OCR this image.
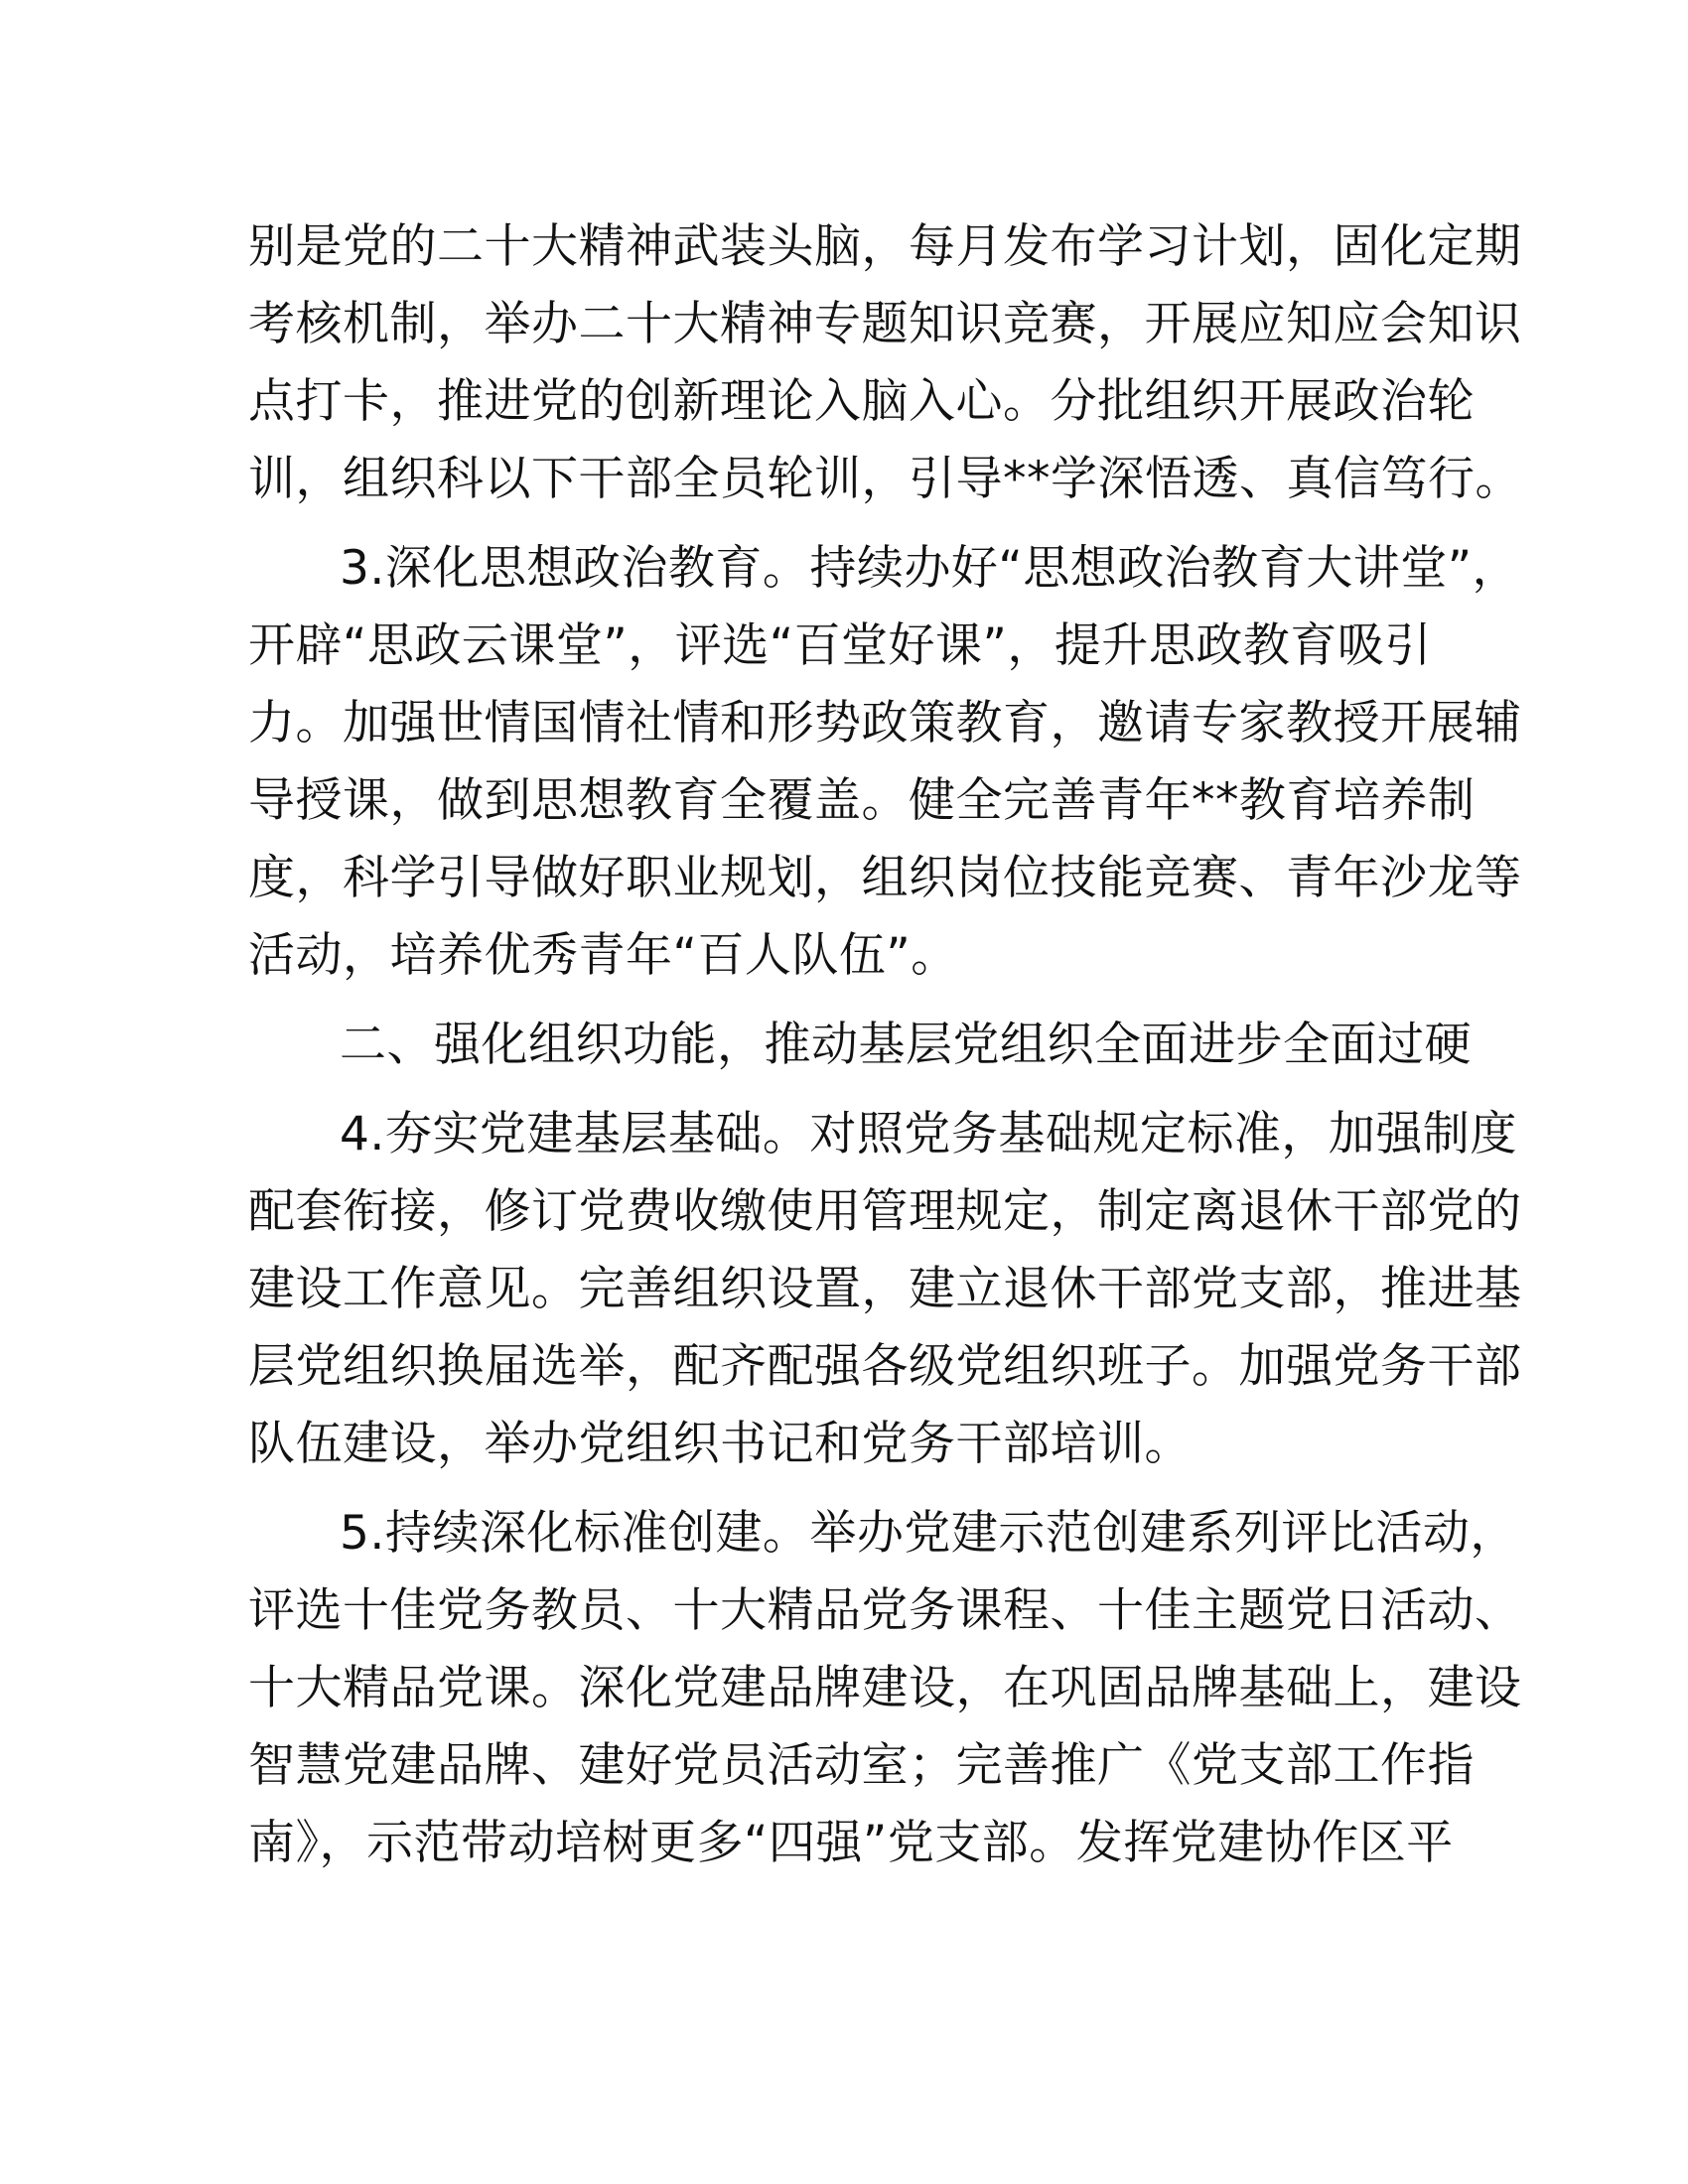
别是党的二十大精神武装头脑，每月发布学习计划，固化定期
考核机制，举办二十大精神专题知识竞赛，开展应知应会知识
点打卡，推进党的创新理论入脑入心。分批组织开展政治轮
训，组织科以下干部全员轮训，引导**学深悟透、真信笃行。
3.深化思想政治教育。持续办好“思想政治教育大讲堂”，
开辟“思政云课堂”，评选“百堂好课”，提升思政教育吸引
力。加强世情国情社情和形势政策教育，邀请专家教授开展辅
导授课，做到思想教育全覆盖。健全完善青年**教育培养制
度，科学引导做好职业规划，组织岗位技能竞赛、青年沙龙等
活动，培养优秀青年“百人队伍”。
二、强化组织功能，推动基层党组织全面进步全面过硬
4.夯实党建基层基础。对照党务基础规定标准，加强制度
配套衔接，修订党费收缴使用管理规定，制定离退休干部党的
建设工作意见。完善组织设置，建立退休干部党支部，推进基
层党组织换届选举，配齐配强各级党组织班子。加强党务干部
队伍建设，举办党组织书记和党务干部培训。
5.持续深化标准创建。举办党建示范创建系列评比活动，
评选十佳党务教员、十大精品党务课程、十佳主题党日活动、
十大精品党课。深化党建品牌建设，在巩固品牌基础上，建设
智慧党建品牌、建好党员活动室；完善推广《党支部工作指
南》，示范带动培树更多“四强”党支部。发挥党建协作区平
